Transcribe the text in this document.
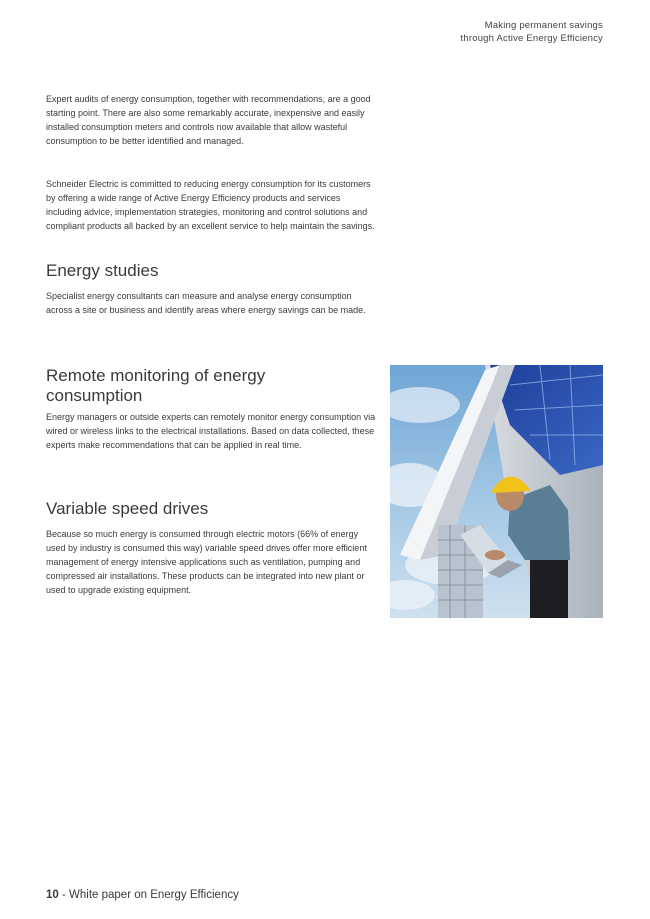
Making permanent savings
through Active Energy Efficiency

Expert audits of energy consumption, together with recommendations, are a good starting point. There are also some remarkably accurate, inexpensive and easily installed consumption meters and controls now available that allow wasteful consumption to be better identified and managed.

Schneider Electric is committed to reducing energy consumption for its customers by offering a wide range of Active Energy Efficiency products and services including advice, implementation strategies, monitoring and control solutions and compliant products all backed by an excellent service to help maintain the savings.

Energy studies

Specialist energy consultants can measure and analyse energy consumption across a site or business and identify areas where energy savings can be made.

Remote monitoring of energy consumption

Energy managers or outside experts can remotely monitor energy consumption via wired or wireless links to the electrical installations. Based on data collected, these experts make recommendations that can be applied in real time.

Variable speed drives

Because so much energy is consumed through electric motors (66% of energy used by industry is consumed this way) variable speed drives offer more efficient management of energy intensive applications such as ventilation, pumping and compressed air installations. These products can be integrated into new plant or used to upgrade existing equipment.

10 - White paper on Energy Efficiency
